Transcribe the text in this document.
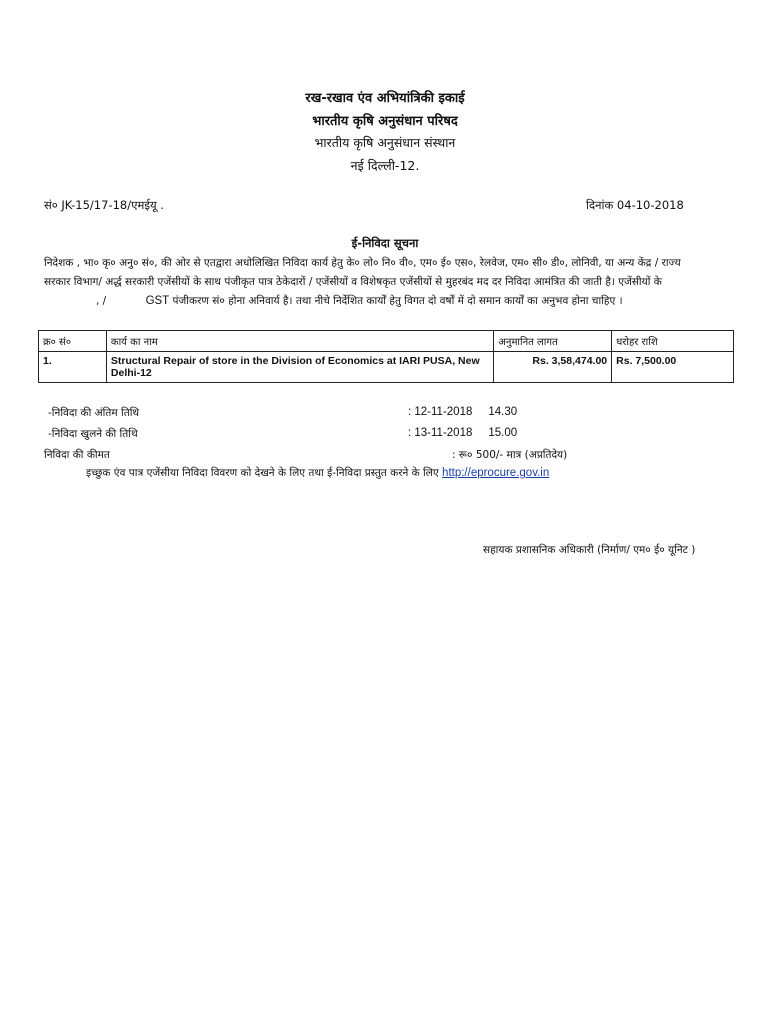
रख-रखाव एंव अभियांत्रिकी इकाई
भारतीय कृषि अनुसंधान परिषद
भारतीय कृषि अनुसंधान संस्थान
नई दिल्ली-12.
सं० JK-15/17-18/एमईयू .	दिनांक 04-10-2018
ई-निविदा सूचना
निदेशक , भा० कृ० अनु० सं०, की ओर से एतद्वारा अधोलिखित निविदा कार्य हेतु के० लो० नि० वी०, एम० ई० एस०, रेलवेज, एम० सी० डी०, लोनिवी, या अन्य केंद्र / राज्य
सरकार विभाग/ अर्द्ध सरकारी एजेंसीयों के साथ पंजीकृत पात्र ठेकेदारों / एजेंसीयों व विशेषकृत एजेंसीयों से मुहरबंद मद दर निविदा आमंत्रित की जाती है। एजेंसीयों के
, /	GST पंजीकरण सं० होना अनिवार्य है। तथा नीचे निर्देशित कार्यों हेतु विगत दो वर्षों में दो समान कार्यों का अनुभव होना चाहिए ।
क्र० सं०	कार्य का नाम	अनुमानित लागत	धरोहर राशि
1.	Structural Repair of store in the Division of Economics at IARI PUSA, New Delhi-12	Rs. 3,58,474.00	Rs. 7,500.00
-निविदा की अंतिम तिथि	: 12-11-2018     14.30
-निविदा खुलने की तिथि	: 13-11-2018     15.00
निविदा की कीमत	: रू० 500/- मात्र (अप्रतिदेय)
इच्छुक एंव पात्र एजेंसीया निविदा विवरण को देखने के लिए तथा ई-निविदा प्रस्तुत करने के लिए http://eprocure.gov.in
सहायक प्रशासनिक अधिकारी (निर्माण/ एम० ई० यूनिट )
